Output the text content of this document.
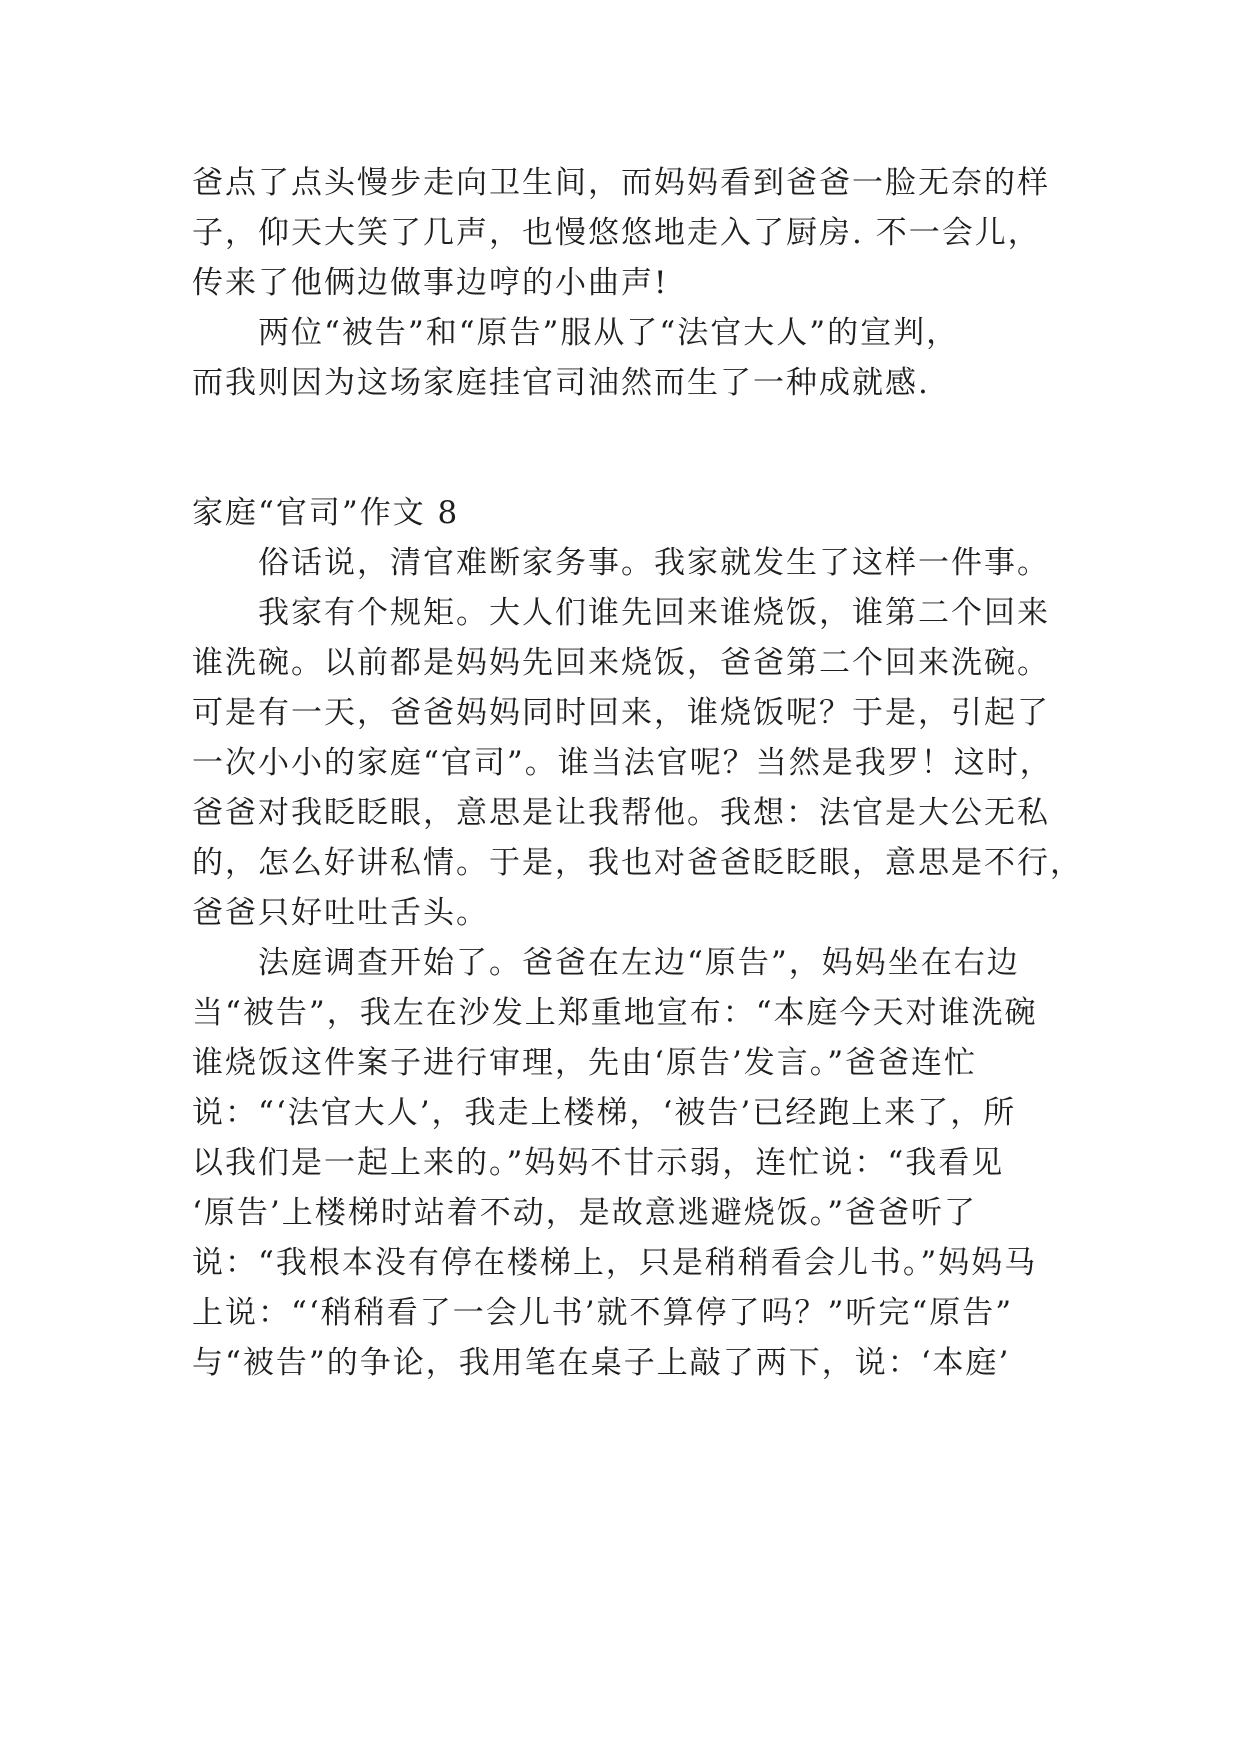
爸点了点头慢步走向卫生间，而妈妈看到爸爸一脸无奈的样
子，仰天大笑了几声，也慢悠悠地走入了厨房. 不一会儿，
传来了他俩边做事边哼的小曲声!
　　两位“被告”和“原告”服从了“法官大人”的宣判，
而我则因为这场家庭挂官司油然而生了一种成就感.
家庭“官司”作文 8
　　俗话说，清官难断家务事。我家就发生了这样一件事。
　　我家有个规矩。大人们谁先回来谁烧饭，谁第二个回来
谁洗碗。以前都是妈妈先回来烧饭，爸爸第二个回来洗碗。
可是有一天，爸爸妈妈同时回来，谁烧饭呢？于是，引起了
一次小小的家庭“官司”。谁当法官呢？当然是我罗！这时，
爸爸对我眨眨眼，意思是让我帮他。我想：法官是大公无私
的，怎么好讲私情。于是，我也对爸爸眨眨眼，意思是不行，
爸爸只好吐吐舌头。
　　法庭调查开始了。爸爸在左边“原告”，妈妈坐在右边
当“被告”，我左在沙发上郑重地宣布：“本庭今天对谁洗碗
谁烧饭这件案子进行审理，先由‘原告’发言。”爸爸连忙
说：“‘法官大人’，我走上楼梯，‘被告’已经跑上来了，所
以我们是一起上来的。”妈妈不甘示弱，连忙说：“我看见
‘原告’上楼梯时站着不动，是故意逃避烧饭。”爸爸听了
说：“我根本没有停在楼梯上，只是稍稍看会儿书。”妈妈马
上说：“‘稍稍看了一会儿书’就不算停了吗？”听完“原告”
与“被告”的争论，我用笔在桌子上敲了两下，说：‘本庭’
